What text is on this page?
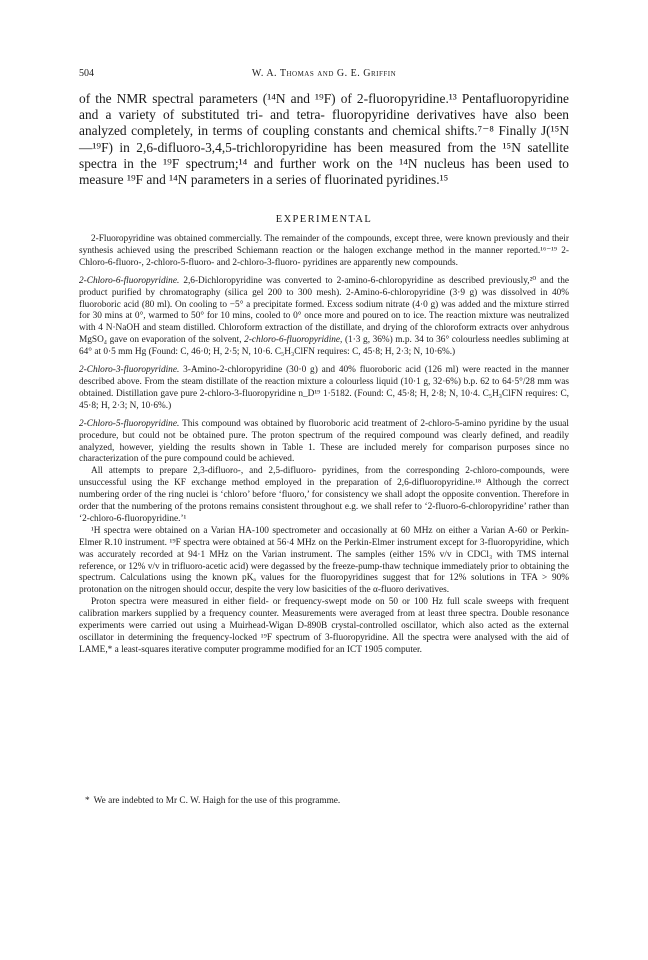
504	W. A. Thomas and G. E. Griffin

of the NMR spectral parameters (¹⁴N and ¹⁹F) of 2-fluoropyridine.¹³ Pentafluoropyridine and a variety of substituted tri- and tetra- fluoropyridine derivatives have also been analyzed completely, in terms of coupling constants and chemical shifts.⁷⁻⁸ Finally J(¹⁵N—¹⁹F) in 2,6-difluoro-3,4,5-trichloropyridine has been measured from the ¹⁵N satellite spectra in the ¹⁹F spectrum;¹⁴ and further work on the ¹⁴N nucleus has been used to measure ¹⁹F and ¹⁴N parameters in a series of fluorinated pyridines.¹⁵

EXPERIMENTAL

2-Fluoropyridine was obtained commercially. The remainder of the compounds, except three, were known previously and their synthesis achieved using the prescribed Schiemann reaction or the halogen exchange method in the manner reported.¹⁶⁻¹⁹ 2-Chloro-6-fluoro-, 2-chloro-5-fluoro- and 2-chloro-3-fluoro- pyridines are apparently new compounds.

2-Chloro-6-fluoropyridine. 2,6-Dichloropyridine was converted to 2-amino-6-chloropyridine as described previously,²⁰ and the product purified by chromatography (silica gel 200 to 300 mesh). 2-Amino-6-chloropyridine (3·9 g) was dissolved in 40% fluoroboric acid (80 ml). On cooling to −5° a precipitate formed. Excess sodium nitrate (4·0 g) was added and the mixture stirred for 30 mins at 0°, warmed to 50° for 10 mins, cooled to 0° once more and poured on to ice. The reaction mixture was neutralized with 4 N·NaOH and steam distilled. Chloroform extraction of the distillate, and drying of the chloroform extracts over anhydrous MgSO₄ gave on evaporation of the solvent, 2-chloro-6-fluoropyridine, (1·3 g, 36%) m.p. 34 to 36° colourless needles subliming at 64° at 0·5 mm Hg (Found: C, 46·0; H, 2·5; N, 10·6. C₅H₃ClFN requires: C, 45·8; H, 2·3; N, 10·6%.)

2-Chloro-3-fluoropyridine. 3-Amino-2-chloropyridine (30·0 g) and 40% fluoroboric acid (126 ml) were reacted in the manner described above. From the steam distillate of the reaction mixture a colourless liquid (10·1 g, 32·6%) b.p. 62 to 64·5°/28 mm was obtained. Distillation gave pure 2-chloro-3-fluoropyridine n_D¹⁹ 1·5182. (Found: C, 45·8; H, 2·8; N, 10·4. C₅H₃ClFN requires: C, 45·8; H, 2·3; N, 10·6%.)

2-Chloro-5-fluoropyridine. This compound was obtained by fluoroboric acid treatment of 2-chloro-5-amino pyridine by the usual procedure, but could not be obtained pure. The proton spectrum of the required compound was clearly defined, and readily analyzed, however, yielding the results shown in Table 1. These are included merely for comparison purposes since no characterization of the pure compound could be achieved.

All attempts to prepare 2,3-difluoro-, and 2,5-difluoro- pyridines, from the corresponding 2-chloro-compounds, were unsuccessful using the KF exchange method employed in the preparation of 2,6-difluoropyridine.¹⁸ Although the correct numbering order of the ring nuclei is ‘chloro’ before ‘fluoro,’ for consistency we shall adopt the opposite convention. Therefore in order that the numbering of the protons remains consistent throughout e.g. we shall refer to ‘2-fluoro-6-chloropyridine’ rather than ‘2-chloro-6-fluoropyridine.’¹

¹H spectra were obtained on a Varian HA-100 spectrometer and occasionally at 60 MHz on either a Varian A-60 or Perkin-Elmer R.10 instrument. ¹⁹F spectra were obtained at 56·4 MHz on the Perkin-Elmer instrument except for 3-fluoropyridine, which was accurately recorded at 94·1 MHz on the Varian instrument. The samples (either 15% v/v in CDCl₃ with TMS internal reference, or 12% v/v in trifluoro-acetic acid) were degassed by the freeze-pump-thaw technique immediately prior to obtaining the spectrum. Calculations using the known pKₐ values for the fluoropyridines suggest that for 12% solutions in TFA > 90% protonation on the nitrogen should occur, despite the very low basicities of the α-fluoro derivatives.

Proton spectra were measured in either field- or frequency-swept mode on 50 or 100 Hz full scale sweeps with frequent calibration markers supplied by a frequency counter. Measurements were averaged from at least three spectra. Double resonance experiments were carried out using a Muirhead-Wigan D-890B crystal-controlled oscillator, which also acted as the external oscillator in determining the frequency-locked ¹⁹F spectrum of 3-fluoropyridine. All the spectra were analysed with the aid of LAME,* a least-squares iterative computer programme modified for an ICT 1905 computer.

* We are indebted to Mr C. W. Haigh for the use of this programme.
